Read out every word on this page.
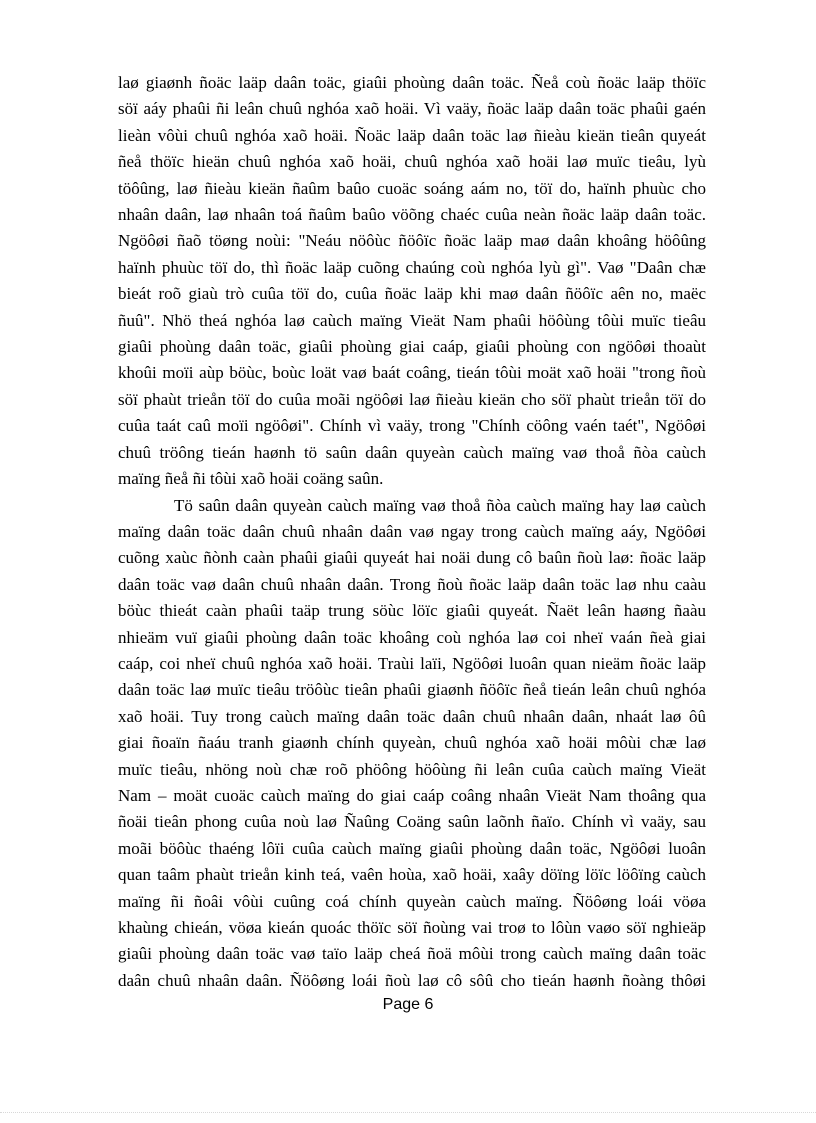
laø giaønh ñoäc laäp daân toäc, giaûi phoùng daân toäc. Ñeå coù ñoäc laäp thöïc
söï aáy phaûi ñi leân chuû nghóa xaõ hoäi. Vì vaäy, ñoäc laäp daân toäc phaûi gaén
lieàn vôùi chuû nghóa xaõ hoäi. Ñoäc laäp daân toäc laø ñieàu kieän tieân quyeát
ñeå thöïc hieän chuû nghóa xaõ hoäi, chuû nghóa xaõ hoäi laø muïc tieâu, lyù
töôûng, laø ñieàu kieän ñaûm baûo cuoäc soáng aám no, töï do, haïnh phuùc cho
nhaân daân, laø nhaân toá ñaûm baûo vöõng chaéc cuûa neàn ñoäc laäp daân toäc.
Ngöôøi ñaõ töøng noùi: "Neáu nöôùc ñöôïc ñoäc laäp maø daân khoâng höôûng
haïnh phuùc töï do, thì ñoäc laäp cuõng chaúng coù nghóa lyù gì". Vaø "Daân chæ
bieát roõ giaù trò cuûa töï do, cuûa ñoäc laäp khi maø daân ñöôïc aên no, maëc
ñuû". Nhö theá nghóa laø caùch maïng Vieät Nam phaûi höôùng tôùi muïc tieâu
giaûi phoùng daân toäc, giaûi phoùng giai caáp, giaûi phoùng con ngöôøi thoaùt
khoûi moïi aùp böùc, boùc loät vaø baát coâng, tieán tôùi moät xaõ hoäi "trong ñoù
söï phaùt trieån töï do cuûa moãi ngöôøi laø ñieàu kieän cho söï phaùt trieån töï do
cuûa taát caû moïi ngöôøi". Chính vì vaäy, trong "Chính cöông vaén taét", Ngöôøi
chuû tröông tieán haønh tö saûn daân quyeàn caùch maïng vaø thoå ñòa caùch
maïng ñeå ñi tôùi xaõ hoäi coäng saûn.
Tö saûn daân quyeàn caùch maïng vaø thoå ñòa caùch maïng hay laø caùch
maïng daân toäc daân chuû nhaân daân vaø ngay trong caùch maïng aáy, Ngöôøi
cuõng xaùc ñònh caàn phaûi giaûi quyeát hai noäi dung cô baûn ñoù laø: ñoäc laäp
daân toäc vaø daân chuû nhaân daân. Trong ñoù ñoäc laäp daân toäc laø nhu caàu
böùc thieát caàn phaûi taäp trung söùc löïc giaûi quyeát. Ñaët leân haøng ñaàu
nhieäm vuï giaûi phoùng daân toäc khoâng coù nghóa laø coi nheï vaán ñeà giai
caáp, coi nheï chuû nghóa xaõ hoäi. Traùi laïi, Ngöôøi luoân quan nieäm ñoäc laäp
daân toäc laø muïc tieâu tröôùc tieân phaûi giaønh ñöôïc ñeå tieán leân chuû nghóa
xaõ hoäi. Tuy trong caùch maïng daân toäc daân chuû nhaân daân, nhaát laø ôû
giai ñoaïn ñaáu tranh giaønh chính quyeàn, chuû nghóa xaõ hoäi môùi chæ laø
muïc tieâu, nhöng noù chæ roõ phöông höôùng ñi leân cuûa caùch maïng Vieät
Nam – moät cuoäc caùch maïng do giai caáp coâng nhaân Vieät Nam thoâng qua
ñoäi tieân phong cuûa noù laø Ñaûng Coäng saûn laõnh ñaïo. Chính vì vaäy, sau
moãi böôùc thaéng lôïi cuûa caùch maïng giaûi phoùng daân toäc, Ngöôøi luoân
quan taâm phaùt trieån kinh teá, vaên hoùa, xaõ hoäi, xaây döïng löïc löôïng caùch
maïng ñi ñoâi vôùi cuûng coá chính quyeàn caùch maïng. Ñöôøng loái vöøa
khaùng chieán, vöøa kieán quoác thöïc söï ñoùng vai troø to lôùn vaøo söï nghieäp
giaûi phoùng daân toäc vaø taïo laäp cheá ñoä môùi trong caùch maïng daân toäc
daân chuû nhaân daân. Ñöôøng loái ñoù laø cô sôû cho tieán haønh ñoàng thôøi
Page 6
